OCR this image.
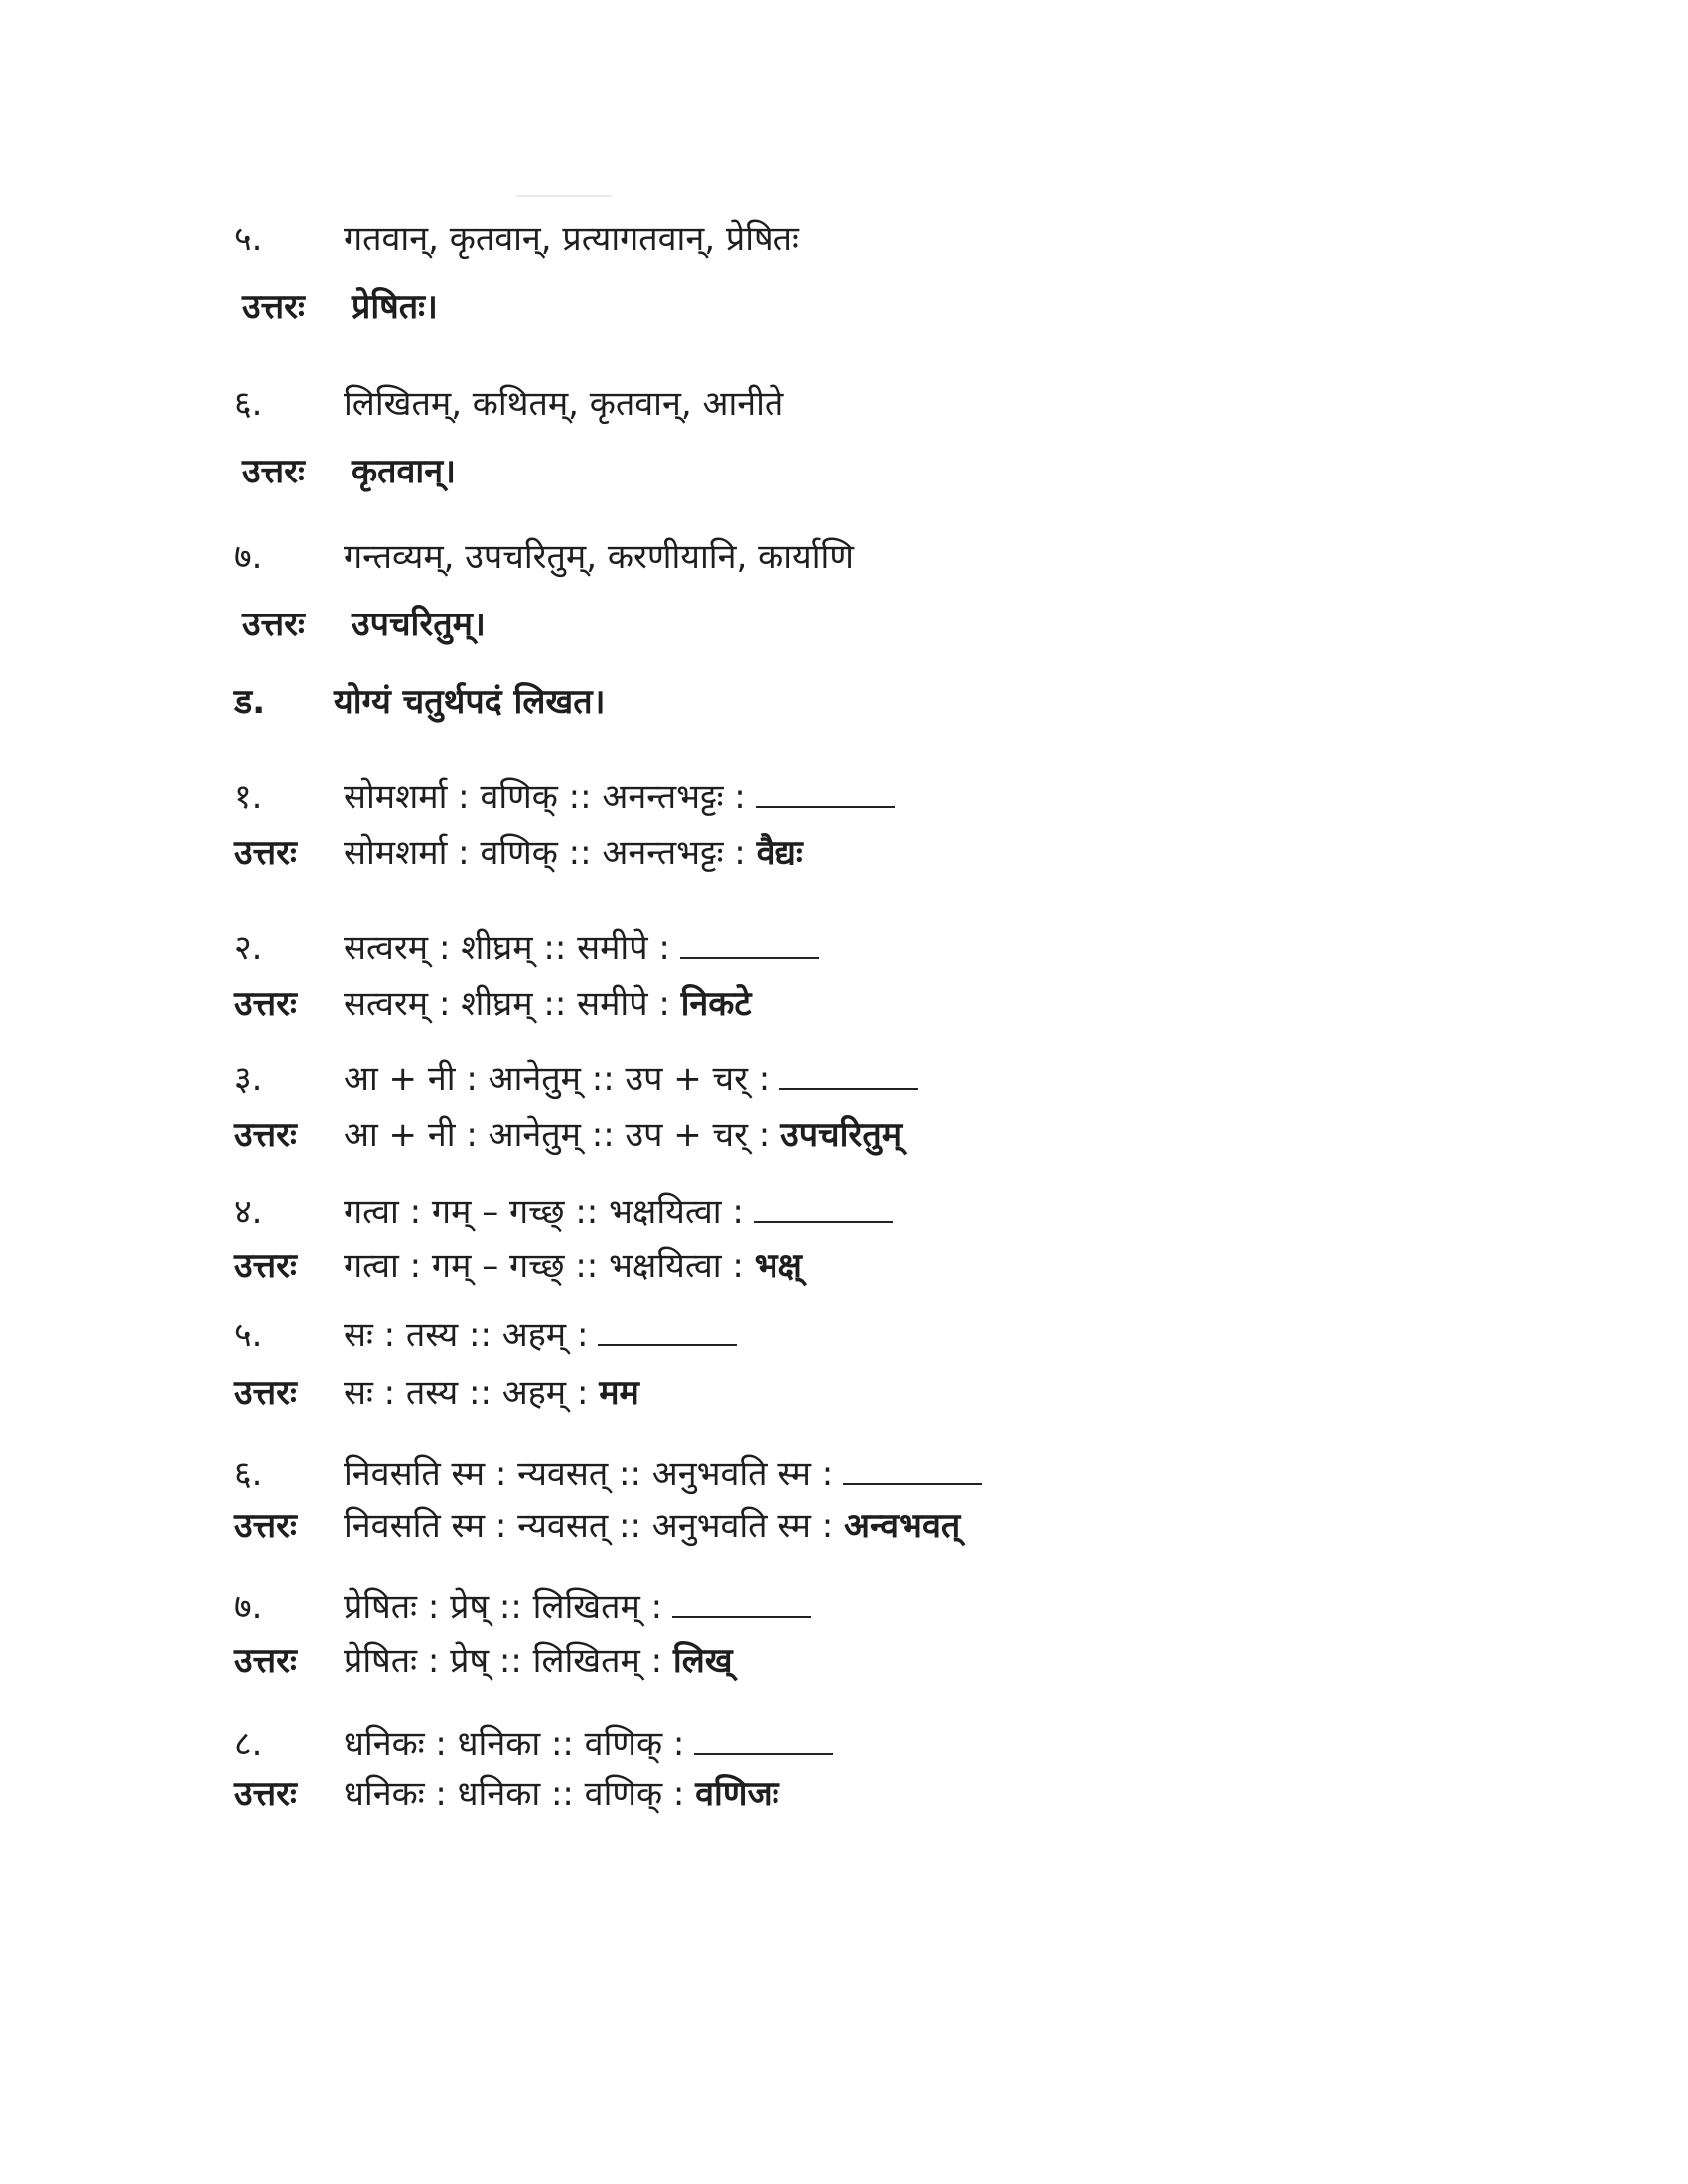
५. गतवान्, कृतवान्, प्रत्यागतवान्, प्रेषितः
उत्तरः प्रेषितः।
६. लिखितम्, कथितम्, कृतवान्, आनीते
उत्तरः कृतवान्।
७. गन्तव्यम्, उपचरितुम्, करणीयानि, कार्याणि
उत्तरः उपचरितुम्।
ड. योग्यं चतुर्थपदं लिखत।
१. सोमशर्मा : वणिक् :: अनन्तभट्टः :
उत्तरः सोमशर्मा : वणिक् :: अनन्तभट्टः : वैद्यः
२. सत्वरम् : शीघ्रम् :: समीपे :
उत्तरः सत्वरम् : शीघ्रम् :: समीपे : निकटे
३. आ + नी : आनेतुम् :: उप + चर् :
उत्तरः आ + नी : आनेतुम् :: उप + चर् : उपचरितुम्
४. गत्वा : गम् – गच्छ् :: भक्षयित्वा :
उत्तरः गत्वा : गम् – गच्छ् :: भक्षयित्वा : भक्ष्
५. सः : तस्य :: अहम् :
उत्तरः सः : तस्य :: अहम् : मम
६. निवसति स्म : न्यवसत् :: अनुभवति स्म :
उत्तरः निवसति स्म : न्यवसत् :: अनुभवति स्म : अन्वभवत्
७. प्रेषितः : प्रेष् :: लिखितम् :
उत्तरः प्रेषितः : प्रेष् :: लिखितम् : लिख्
८. धनिकः : धनिका :: वणिक् :
उत्तरः धनिकः : धनिका :: वणिक् : वणिजः
